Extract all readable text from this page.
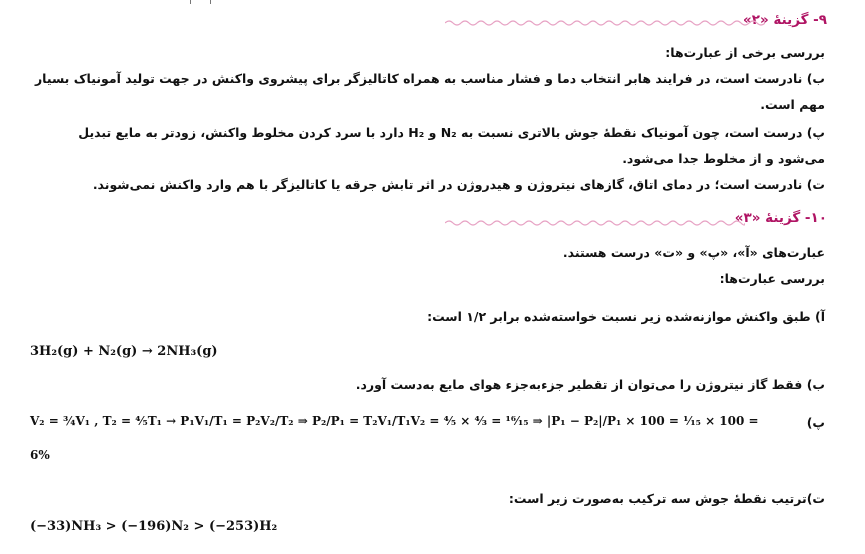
۹- گزینهٔ «۲»
بررسی برخی از عبارت‌ها:
ب) نادرست است، در فرایند هابر انتخاب دما و فشار مناسب به همراه کاتالیزگر برای پیشروی واکنش در جهت تولید آمونیاک بسیار
مهم است.
پ) درست است، چون آمونیاک نقطهٔ جوش بالاتری نسبت به N₂ و H₂ دارد با سرد کردن مخلوط واکنش، زودتر به مایع تبدیل
می‌شود و از مخلوط جدا می‌شود.
ت) نادرست است؛ در دمای اتاق، گازهای نیتروژن و هیدروژن در اثر تابش جرقه یا کاتالیزگر با هم وارد واکنش نمی‌شوند.
۱۰- گزینهٔ «۳»
عبارت‌های «آ»، «پ» و «ت» درست هستند.
بررسی عبارت‌ها:
آ) طبق واکنش موازنه‌شده زیر نسبت خواسته‌شده برابر ۱/۲ است:
3H₂(g) + N₂(g) → 2NH₃(g)
ب) فقط گاز نیتروژن را می‌توان از تقطیر جزءبه‌جزء هوای مایع به‌دست آورد.
پ)
V₂ = ¾V₁ , T₂ = ⁴⁄₅T₁ → P₁V₁/T₁ = P₂V₂/T₂ ⇒ P₂/P₁ = T₂V₁/T₁V₂ = ⁴⁄₅ × ⁴⁄₃ = ¹⁶⁄₁₅ ⇒ |P₁ − P₂|/P₁ × 100 = ¹⁄₁₅ × 100 = 6%
ت)ترتیب نقطهٔ جوش سه ترکیب به‌صورت زیر است:
(−33)NH₃ > (−196)N₂ > (−253)H₂
